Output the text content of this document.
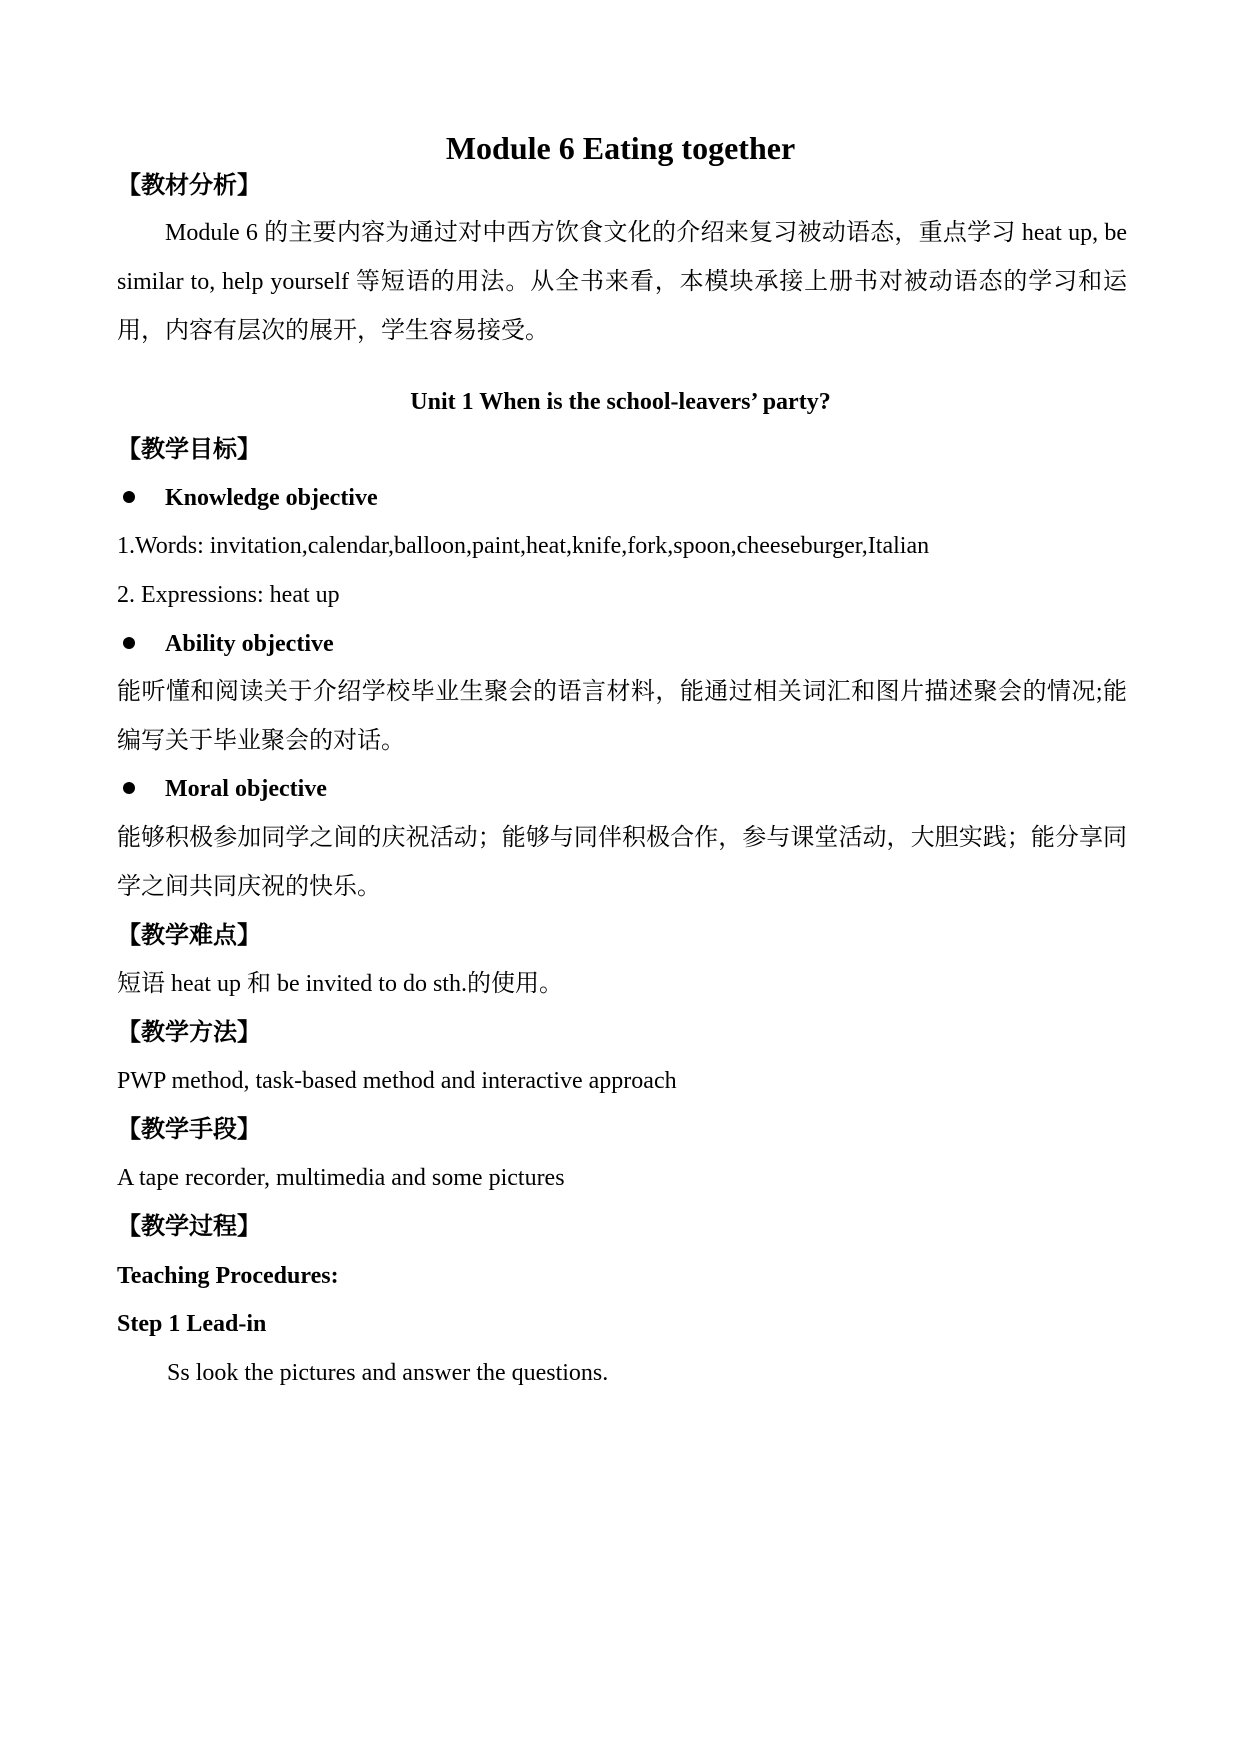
Module 6 Eating together
【教材分析】
Module 6 的主要内容为通过对中西方饮食文化的介绍来复习被动语态，重点学习 heat up, be similar to, help yourself 等短语的用法。从全书来看，本模块承接上册书对被动语态的学习和运用，内容有层次的展开，学生容易接受。
Unit 1 When is the school-leavers’ party?
【教学目标】
Knowledge objective
1.Words: invitation,calendar,balloon,paint,heat,knife,fork,spoon,cheeseburger,Italian
2. Expressions: heat up
Ability objective
能听懂和阅读关于介绍学校毕业生聚会的语言材料，能通过相关词汇和图片描述聚会的情况;能编写关于毕业聚会的对话。
Moral objective
能够积极参加同学之间的庆祝活动；能够与同伴积极合作，参与课堂活动，大胆实践；能分享同学之间共同庆祝的快乐。
【教学难点】
短语 heat up 和 be invited to do sth.的使用。
【教学方法】
PWP method, task-based method and interactive approach
【教学手段】
A tape recorder, multimedia and some pictures
【教学过程】
Teaching Procedures:
Step 1 Lead-in
Ss look the pictures and answer the questions.
